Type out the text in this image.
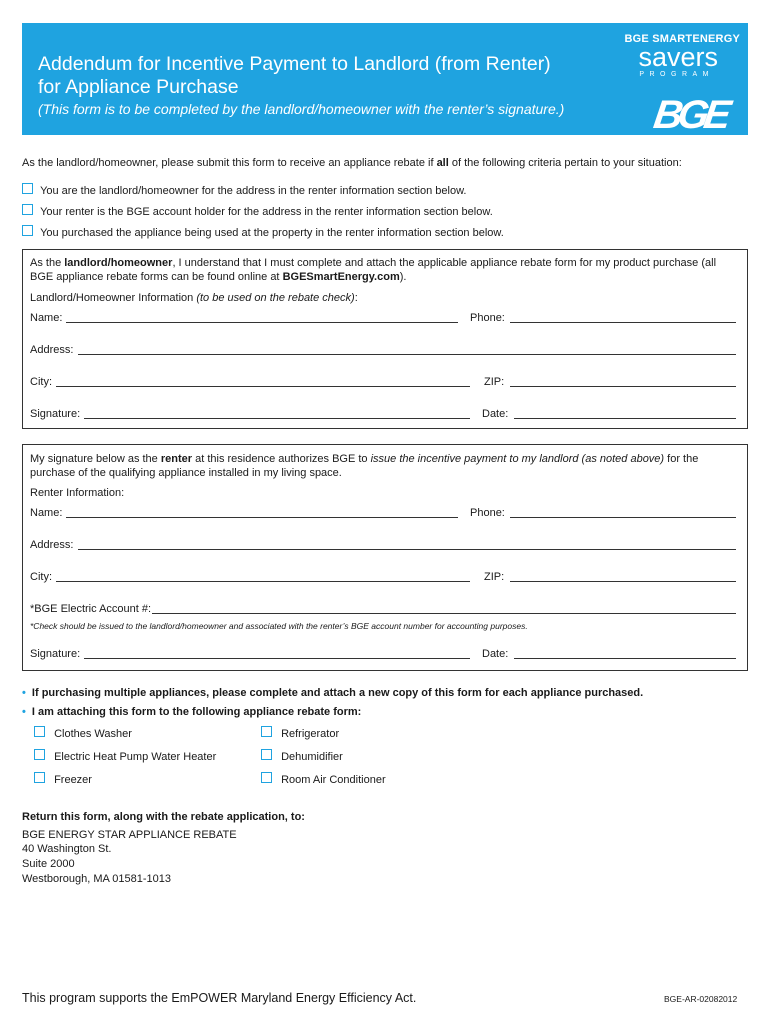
Addendum for Incentive Payment to Landlord (from Renter)
for Appliance Purchase
(This form is to be completed by the landlord/homeowner with the renter’s signature.)
BGE SMARTENERGY
savers
PROGRAM
BGE
As the landlord/homeowner, please submit this form to receive an appliance rebate if all of the following criteria pertain to your situation:
You are the landlord/homeowner for the address in the renter information section below.
Your renter is the BGE account holder for the address in the renter information section below.
You purchased the appliance being used at the property in the renter information section below.
As the landlord/homeowner, I understand that I must complete and attach the applicable appliance rebate form for my product purchase (all
BGE appliance rebate forms can be found online at BGESmartEnergy.com).
Landlord/Homeowner Information (to be used on the rebate check):
Name:	Phone:
Address:
City:	ZIP:
Signature:	Date:
My signature below as the renter at this residence authorizes BGE to issue the incentive payment to my landlord (as noted above) for the
purchase of the qualifying appliance installed in my living space.
Renter Information:
Name:	Phone:
Address:
City:	ZIP:
*BGE Electric Account #:
*Check should be issued to the landlord/homeowner and associated with the renter’s BGE account number for accounting purposes.
Signature:	Date:
• If purchasing multiple appliances, please complete and attach a new copy of this form for each appliance purchased.
• I am attaching this form to the following appliance rebate form:
Clothes Washer
Electric Heat Pump Water Heater
Freezer
Refrigerator
Dehumidifier
Room Air Conditioner
Return this form, along with the rebate application, to:
BGE ENERGY STAR APPLIANCE REBATE
40 Washington St.
Suite 2000
Westborough, MA 01581-1013
This program supports the EmPOWER Maryland Energy Efficiency Act.	BGE-AR-02082012
